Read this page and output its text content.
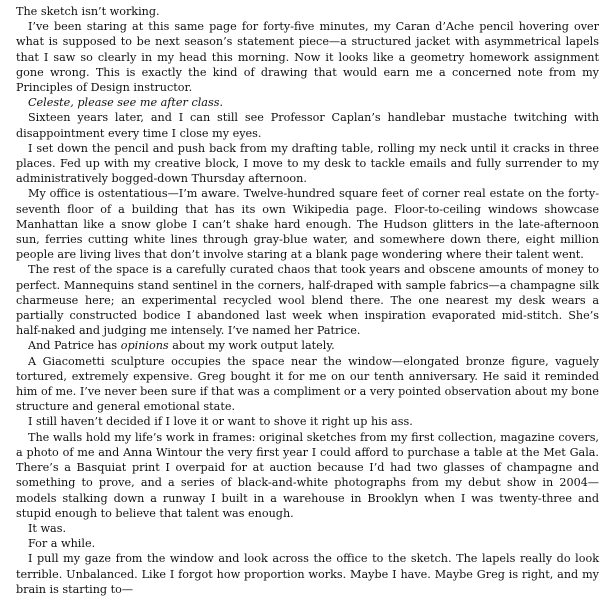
The sketch isn’t working.

I’ve been staring at this same page for forty-five minutes, my Caran d’Ache pencil hovering over what is supposed to be next season’s statement piece—a structured jacket with asymmetrical lapels that I saw so clearly in my head this morning. Now it looks like a geometry homework assignment gone wrong. This is exactly the kind of drawing that would earn me a concerned note from my Principles of Design instructor.

Celeste, please see me after class.

Sixteen years later, and I can still see Professor Caplan’s handlebar mustache twitching with disappointment every time I close my eyes.

I set down the pencil and push back from my drafting table, rolling my neck until it cracks in three places. Fed up with my creative block, I move to my desk to tackle emails and fully surrender to my administratively bogged-down Thursday afternoon.

My office is ostentatious—I’m aware. Twelve-hundred square feet of corner real estate on the forty-seventh floor of a building that has its own Wikipedia page. Floor-to-ceiling windows showcase Manhattan like a snow globe I can’t shake hard enough. The Hudson glitters in the late-afternoon sun, ferries cutting white lines through gray-blue water, and somewhere down there, eight million people are living lives that don’t involve staring at a blank page wondering where their talent went.

The rest of the space is a carefully curated chaos that took years and obscene amounts of money to perfect. Mannequins stand sentinel in the corners, half-draped with sample fabrics—a champagne silk charmeuse here; an experimental recycled wool blend there. The one nearest my desk wears a partially constructed bodice I abandoned last week when inspiration evaporated mid-stitch. She’s half-naked and judging me intensely. I’ve named her Patrice.

And Patrice has opinions about my work output lately.

A Giacometti sculpture occupies the space near the window—elongated bronze figure, vaguely tortured, extremely expensive. Greg bought it for me on our tenth anniversary. He said it reminded him of me. I’ve never been sure if that was a compliment or a very pointed observation about my bone structure and general emotional state.

I still haven’t decided if I love it or want to shove it right up his ass.

The walls hold my life’s work in frames: original sketches from my first collection, magazine covers, a photo of me and Anna Wintour the very first year I could afford to purchase a table at the Met Gala. There’s a Basquiat print I overpaid for at auction because I’d had two glasses of champagne and something to prove, and a series of black-and-white photographs from my debut show in 2004—models stalking down a runway I built in a warehouse in Brooklyn when I was twenty-three and stupid enough to believe that talent was enough.

It was.

For a while.

I pull my gaze from the window and look across the office to the sketch. The lapels really do look terrible. Unbalanced. Like I forgot how proportion works. Maybe I have. Maybe Greg is right, and my brain is starting to—
